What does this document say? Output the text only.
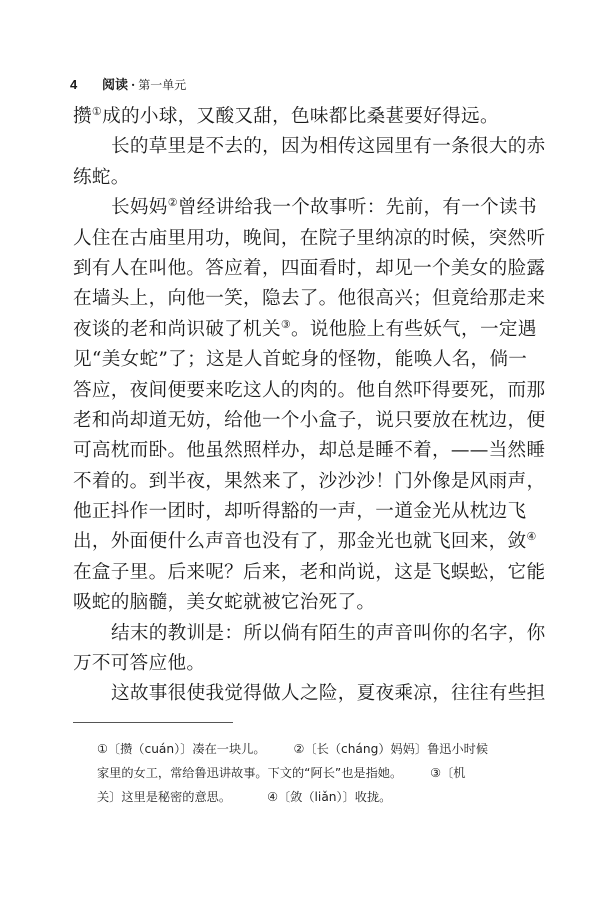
4	阅读 · 第一单元
攒①成的小球，又酸又甜，色味都比桑葚要好得远。
长的草里是不去的，因为相传这园里有一条很大的赤
练蛇。
长妈妈②曾经讲给我一个故事听：先前，有一个读书
人住在古庙里用功，晚间，在院子里纳凉的时候，突然听
到有人在叫他。答应着，四面看时，却见一个美女的脸露
在墙头上，向他一笑，隐去了。他很高兴；但竟给那走来
夜谈的老和尚识破了机关③。说他脸上有些妖气，一定遇
见“美女蛇”了；这是人首蛇身的怪物，能唤人名，倘一
答应，夜间便要来吃这人的肉的。他自然吓得要死，而那
老和尚却道无妨，给他一个小盒子，说只要放在枕边，便
可高枕而卧。他虽然照样办，却总是睡不着，——当然睡
不着的。到半夜，果然来了，沙沙沙！门外像是风雨声，
他正抖作一团时，却听得豁的一声，一道金光从枕边飞
出，外面便什么声音也没有了，那金光也就飞回来，敛④
在盒子里。后来呢？后来，老和尚说，这是飞蜈蚣，它能
吸蛇的脑髓，美女蛇就被它治死了。
结末的教训是：所以倘有陌生的声音叫你的名字，你
万不可答应他。
这故事很使我觉得做人之险，夏夜乘凉，往往有些担
①〔攒（cuán）〕凑在一块儿。 ②〔长（cháng）妈妈〕鲁迅小时候
家里的女工，常给鲁迅讲故事。下文的“阿长”也是指她。 ③〔机
关〕这里是秘密的意思。	④〔敛（liǎn）〕收拢。
